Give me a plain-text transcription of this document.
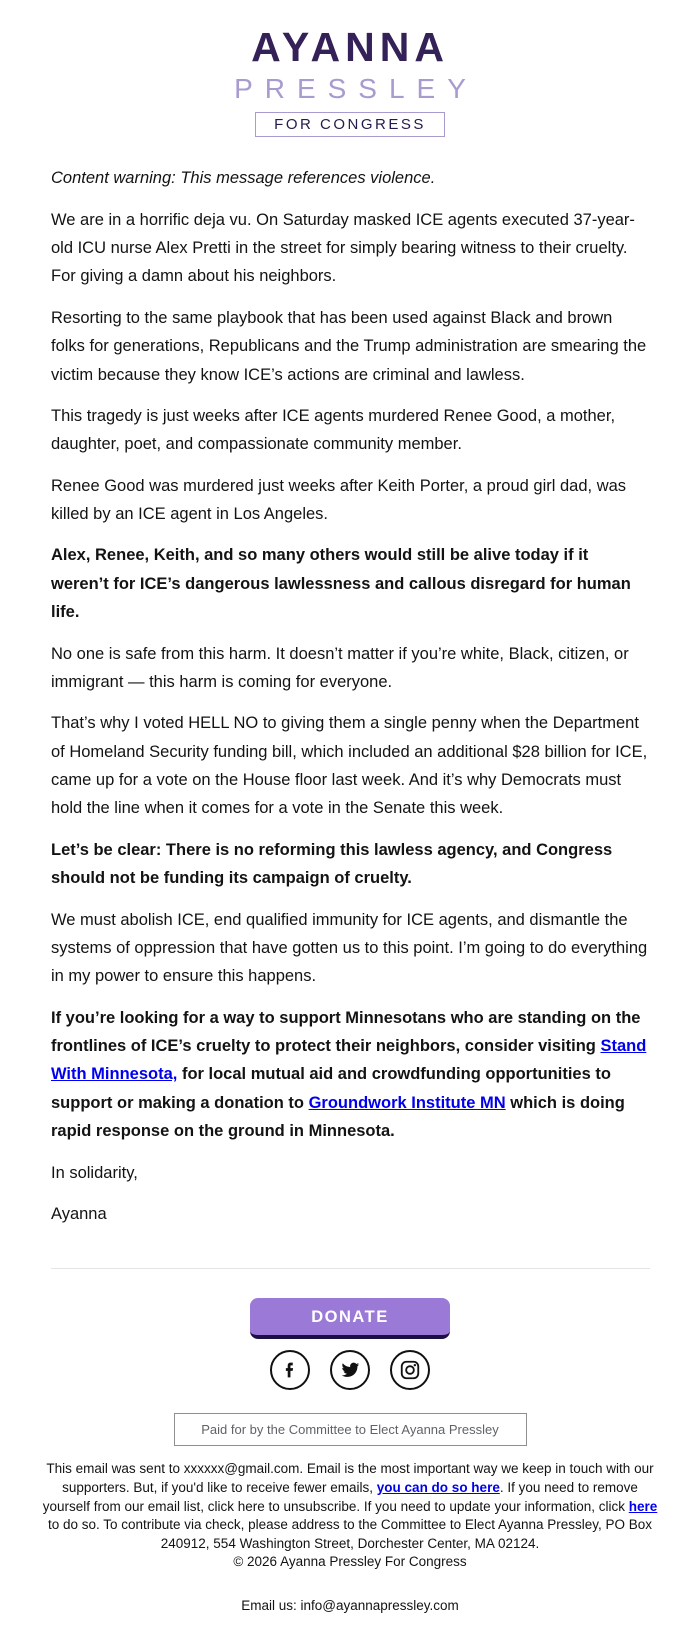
AYANNA
PRESSLEY
FOR CONGRESS

Content warning: This message references violence.

We are in a horrific deja vu. On Saturday masked ICE agents executed 37-year-old ICU nurse Alex Pretti in the street for simply bearing witness to their cruelty. For giving a damn about his neighbors.

Resorting to the same playbook that has been used against Black and brown folks for generations, Republicans and the Trump administration are smearing the victim because they know ICE’s actions are criminal and lawless.

This tragedy is just weeks after ICE agents murdered Renee Good, a mother, daughter, poet, and compassionate community member.

Renee Good was murdered just weeks after Keith Porter, a proud girl dad, was killed by an ICE agent in Los Angeles.

Alex, Renee, Keith, and so many others would still be alive today if it weren’t for ICE’s dangerous lawlessness and callous disregard for human life.

No one is safe from this harm. It doesn’t matter if you’re white, Black, citizen, or immigrant — this harm is coming for everyone.

That’s why I voted HELL NO to giving them a single penny when the Department of Homeland Security funding bill, which included an additional $28 billion for ICE, came up for a vote on the House floor last week. And it’s why Democrats must hold the line when it comes for a vote in the Senate this week.

Let’s be clear: There is no reforming this lawless agency, and Congress should not be funding its campaign of cruelty.

We must abolish ICE, end qualified immunity for ICE agents, and dismantle the systems of oppression that have gotten us to this point. I’m going to do everything in my power to ensure this happens.

If you’re looking for a way to support Minnesotans who are standing on the frontlines of ICE’s cruelty to protect their neighbors, consider visiting Stand With Minnesota, for local mutual aid and crowdfunding opportunities to support or making a donation to Groundwork Institute MN which is doing rapid response on the ground in Minnesota.

In solidarity,

Ayanna

DONATE
Paid for by the Committee to Elect Ayanna Pressley
This email was sent to xxxxxx@gmail.com. Email is the most important way we keep in touch with our supporters. But, if you'd like to receive fewer emails, you can do so here. If you need to remove yourself from our email list, click here to unsubscribe. If you need to update your information, click here to do so. To contribute via check, please address to the Committee to Elect Ayanna Pressley, PO Box 240912, 554 Washington Street, Dorchester Center, MA 02124.
© 2026 Ayanna Pressley For Congress
Email us: info@ayannapressley.com
